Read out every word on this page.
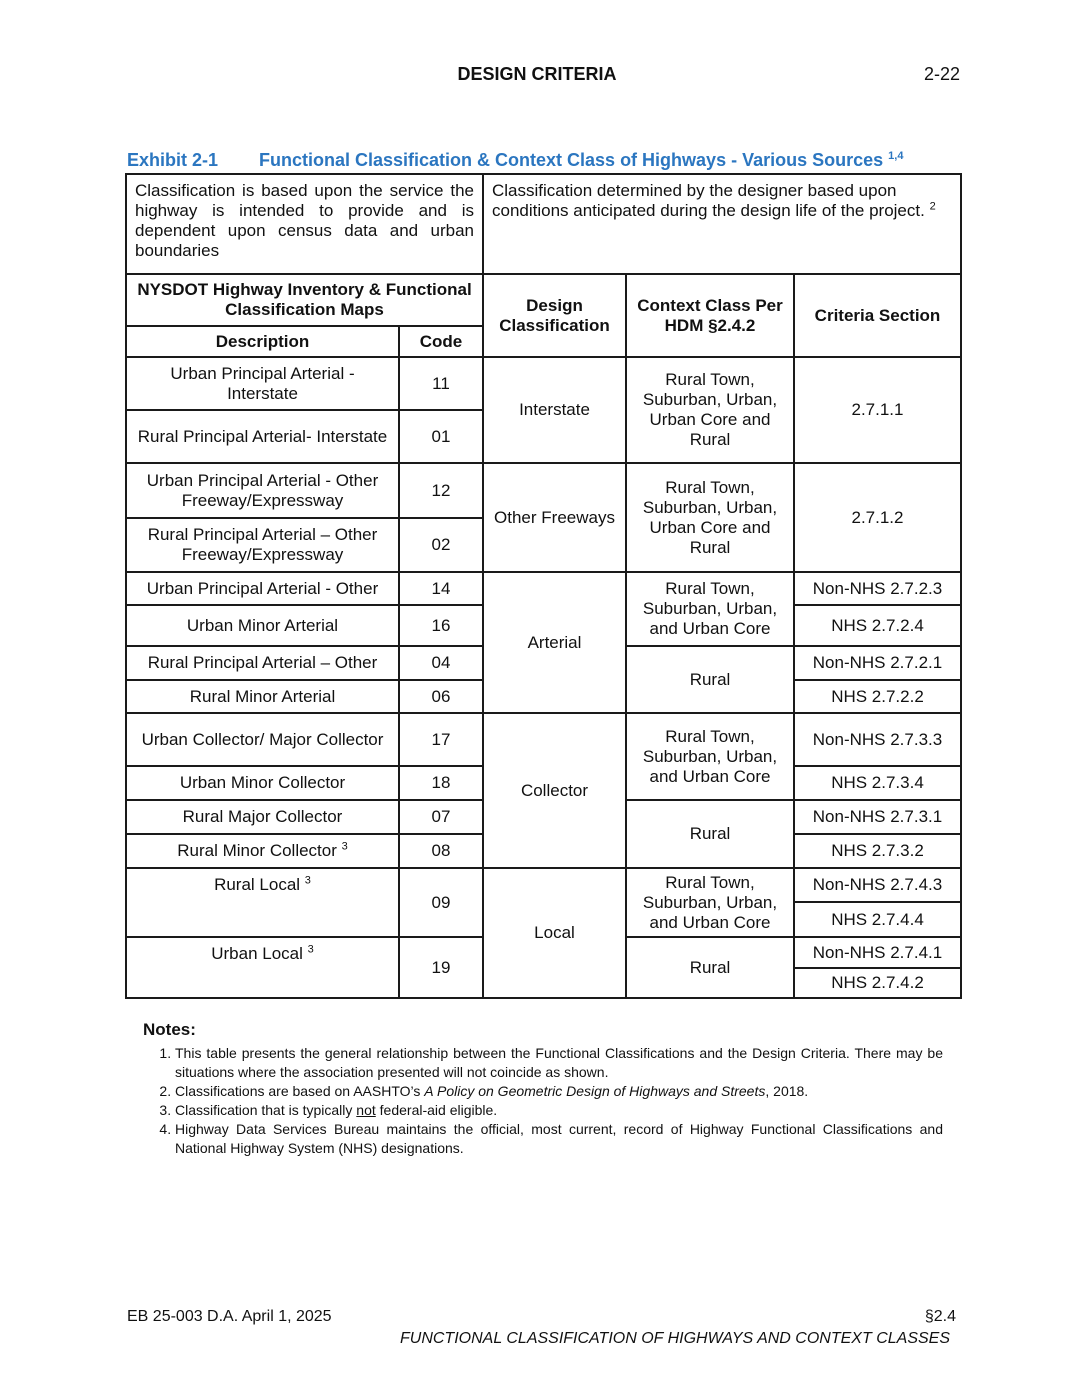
DESIGN CRITERIA	2-22
Exhibit 2-1 Functional Classification & Context Class of Highways - Various Sources $^{1,4}$
Classification is based upon the service the highway is intended to provide and is dependent upon census data and urban boundaries		Classification determined by the designer based upon conditions anticipated during the design life of the project. $^2$
NYSDOT Highway Inventory & Functional Classification Maps		Design Classification	Context Class Per HDM §2.4.2	Criteria Section
Description	Code			
Urban Principal Arterial - Interstate	11	Interstate	Rural Town, Suburban, Urban, Urban Core and Rural	2.7.1.1
Rural Principal Arterial- Interstate	01			
Urban Principal Arterial - Other Freeway/Expressway	12	Other Freeways	Rural Town, Suburban, Urban, Urban Core and Rural	2.7.1.2
Rural Principal Arterial – Other Freeway/Expressway	02			
Urban Principal Arterial - Other	14	Arterial	Rural Town, Suburban, Urban, and Urban Core	Non-NHS 2.7.2.3
Urban Minor Arterial	16			NHS 2.7.2.4
Rural Principal Arterial – Other	04		Rural	Non-NHS 2.7.2.1
Rural Minor Arterial	06			NHS 2.7.2.2
Urban Collector/ Major Collector	17	Collector	Rural Town, Suburban, Urban, and Urban Core	Non-NHS 2.7.3.3
Urban Minor Collector	18			NHS 2.7.3.4
Rural Major Collector	07		Rural	Non-NHS 2.7.3.1
Rural Minor Collector $^3$	08			NHS 2.7.3.2
Rural Local $^3$	09	Local	Rural Town, Suburban, Urban, and Urban Core	Non-NHS 2.7.4.3
				NHS 2.7.4.4
Urban Local $^3$	19		Rural	Non-NHS 2.7.4.1
				NHS 2.7.4.2
Notes:
1. This table presents the general relationship between the Functional Classifications and the Design Criteria. There may be situations where the association presented will not coincide as shown.
2. Classifications are based on AASHTO’s A Policy on Geometric Design of Highways and Streets, 2018.
3. Classification that is typically not federal-aid eligible.
4. Highway Data Services Bureau maintains the official, most current, record of Highway Functional Classifications and National Highway System (NHS) designations.
EB 25-003 D.A. April 1, 2025	§2.4
FUNCTIONAL CLASSIFICATION OF HIGHWAYS AND CONTEXT CLASSES
